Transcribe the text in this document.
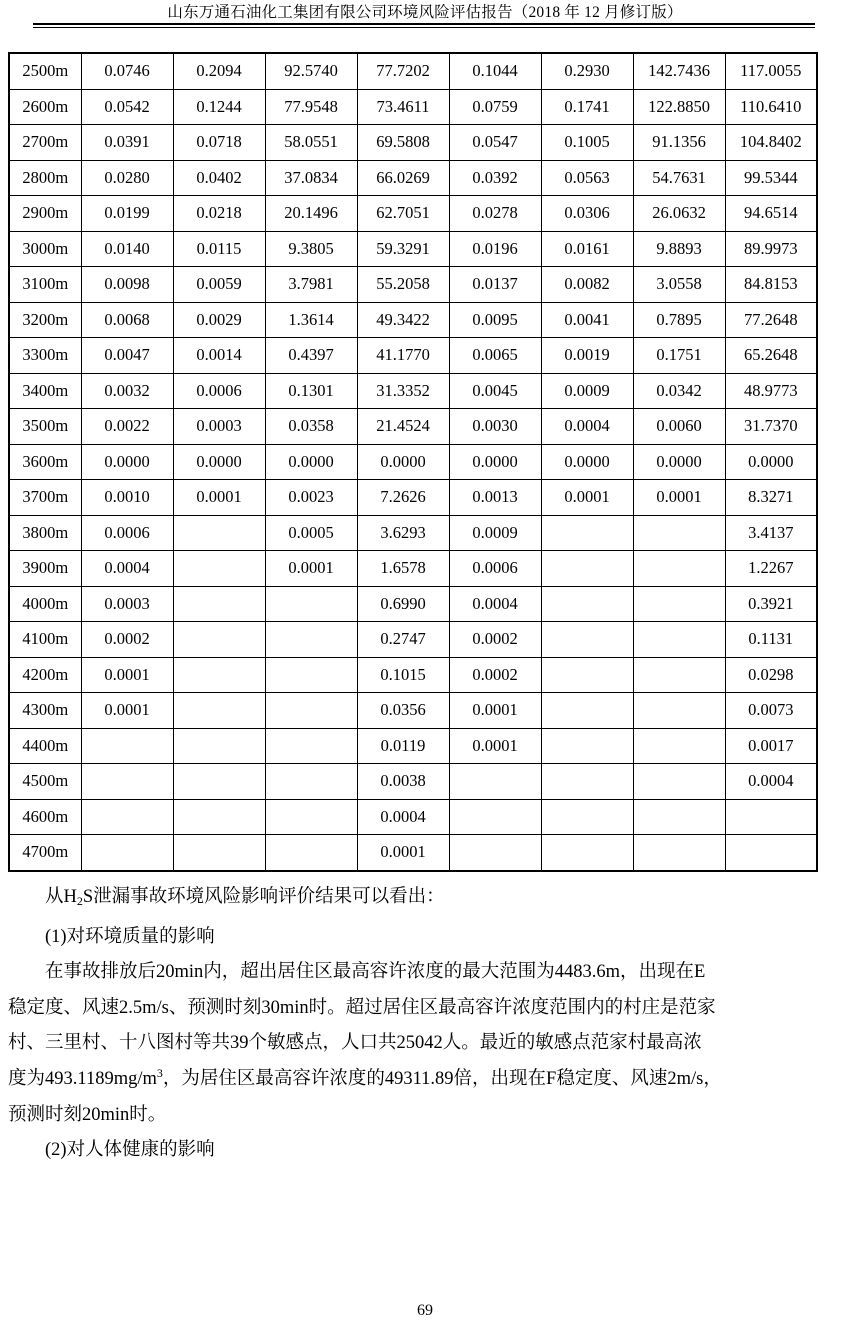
山东万通石油化工集团有限公司环境风险评估报告（2018 年 12 月修订版）
2500m	0.0746	0.2094	92.5740	77.7202	0.1044	0.2930	142.7436	117.0055
2600m	0.0542	0.1244	77.9548	73.4611	0.0759	0.1741	122.8850	110.6410
2700m	0.0391	0.0718	58.0551	69.5808	0.0547	0.1005	91.1356	104.8402
2800m	0.0280	0.0402	37.0834	66.0269	0.0392	0.0563	54.7631	99.5344
2900m	0.0199	0.0218	20.1496	62.7051	0.0278	0.0306	26.0632	94.6514
3000m	0.0140	0.0115	9.3805	59.3291	0.0196	0.0161	9.8893	89.9973
3100m	0.0098	0.0059	3.7981	55.2058	0.0137	0.0082	3.0558	84.8153
3200m	0.0068	0.0029	1.3614	49.3422	0.0095	0.0041	0.7895	77.2648
3300m	0.0047	0.0014	0.4397	41.1770	0.0065	0.0019	0.1751	65.2648
3400m	0.0032	0.0006	0.1301	31.3352	0.0045	0.0009	0.0342	48.9773
3500m	0.0022	0.0003	0.0358	21.4524	0.0030	0.0004	0.0060	31.7370
3600m	0.0000	0.0000	0.0000	0.0000	0.0000	0.0000	0.0000	0.0000
3700m	0.0010	0.0001	0.0023	7.2626	0.0013	0.0001	0.0001	8.3271
3800m	0.0006		0.0005	3.6293	0.0009			3.4137
3900m	0.0004		0.0001	1.6578	0.0006			1.2267
4000m	0.0003			0.6990	0.0004			0.3921
4100m	0.0002			0.2747	0.0002			0.1131
4200m	0.0001			0.1015	0.0002			0.0298
4300m	0.0001			0.0356	0.0001			0.0073
4400m				0.0119	0.0001			0.0017
4500m				0.0038				0.0004
4600m				0.0004				
4700m				0.0001				

从$H_2S$泄漏事故环境风险影响评价结果可以看出：

(1)对环境质量的影响

在事故排放后20min内，超出居住区最高容许浓度的最大范围为4483.6m，出现在E
稳定度、风速2.5m/s、预测时刻30min时。超过居住区最高容许浓度范围内的村庄是范家
村、三里村、十八图村等共39个敏感点，人口共25042人。最近的敏感点范家村最高浓
度为$493.1189mg/m^3$，为居住区最高容许浓度的49311.89倍，出现在F稳定度、风速2m/s，
预测时刻20min时。

(2)对人体健康的影响

69
